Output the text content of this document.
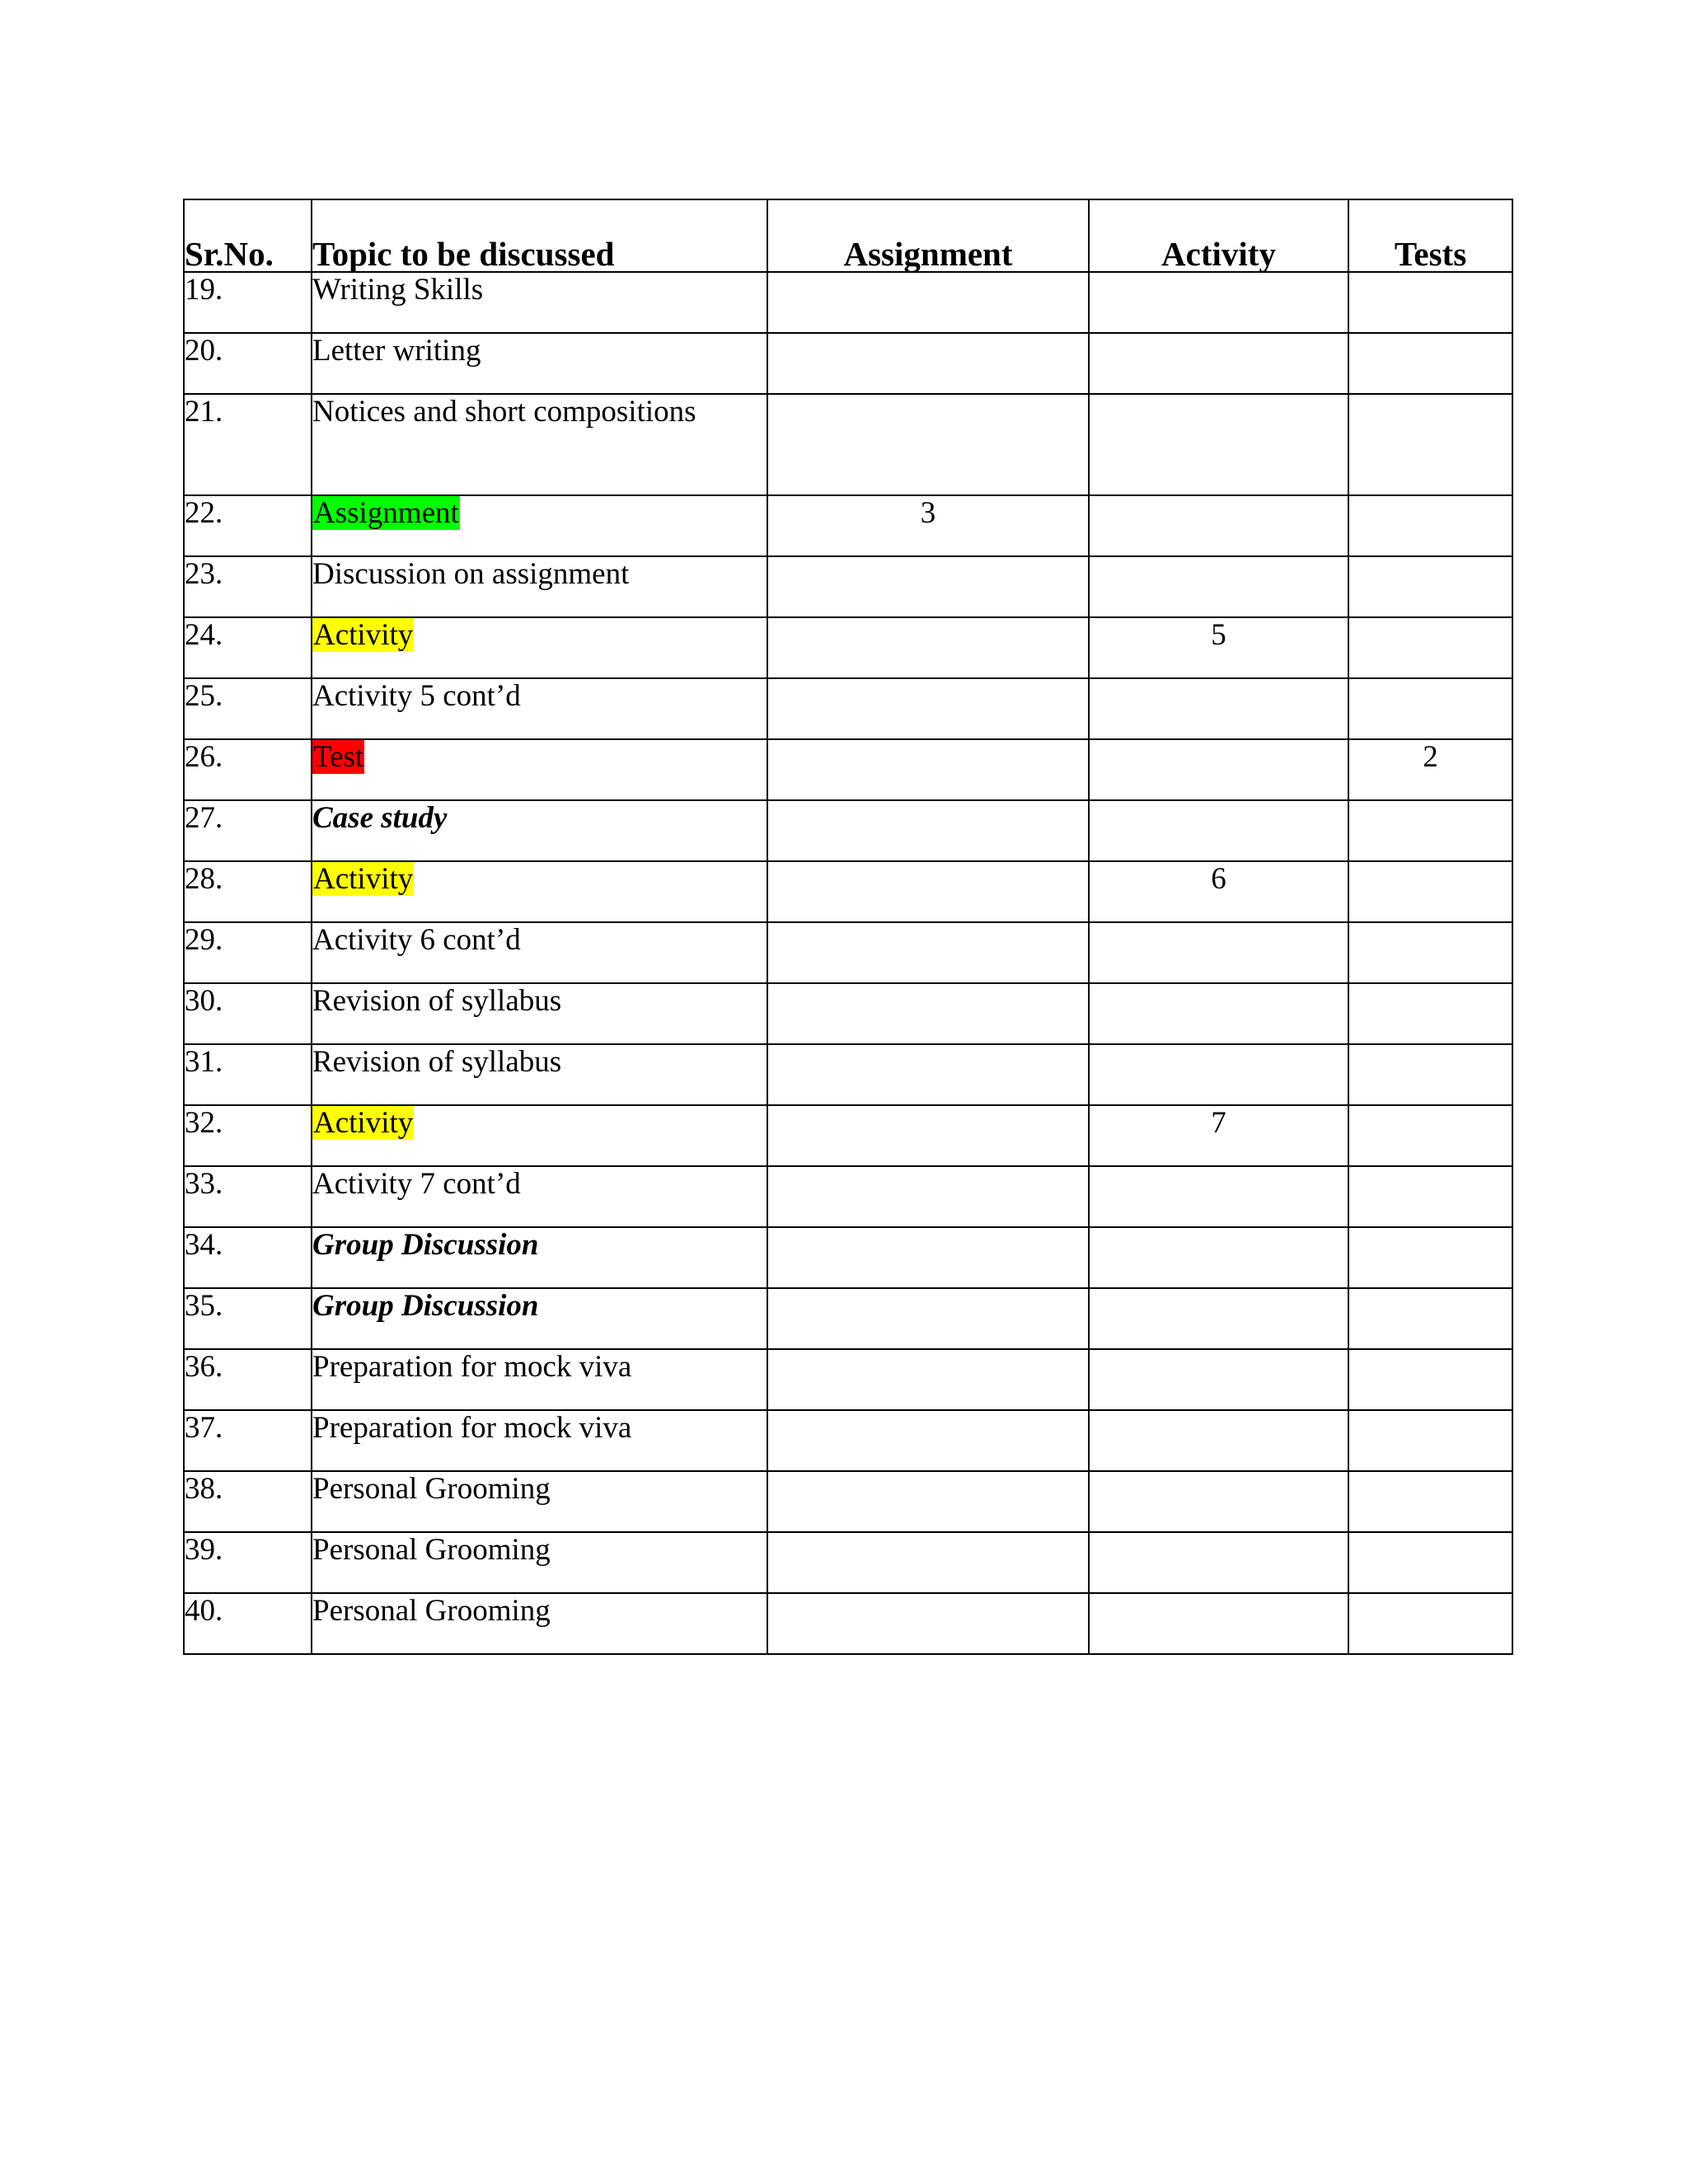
Sr.No.	Topic to be discussed	Assignment	Activity	Tests
19.	Writing Skills			
20.	Letter writing			
21.	Notices and short compositions			
22.	Assignment	3		
23.	Discussion on assignment			
24.	Activity		5	
25.	Activity 5 cont’d			
26.	Test			2
27.	Case study			
28.	Activity		6	
29.	Activity 6 cont’d			
30.	Revision of syllabus			
31.	Revision of syllabus			
32.	Activity		7	
33.	Activity 7 cont’d			
34.	Group Discussion			
35.	Group Discussion			
36.	Preparation for mock viva			
37.	Preparation for mock viva			
38.	Personal Grooming			
39.	Personal Grooming			
40.	Personal Grooming			
